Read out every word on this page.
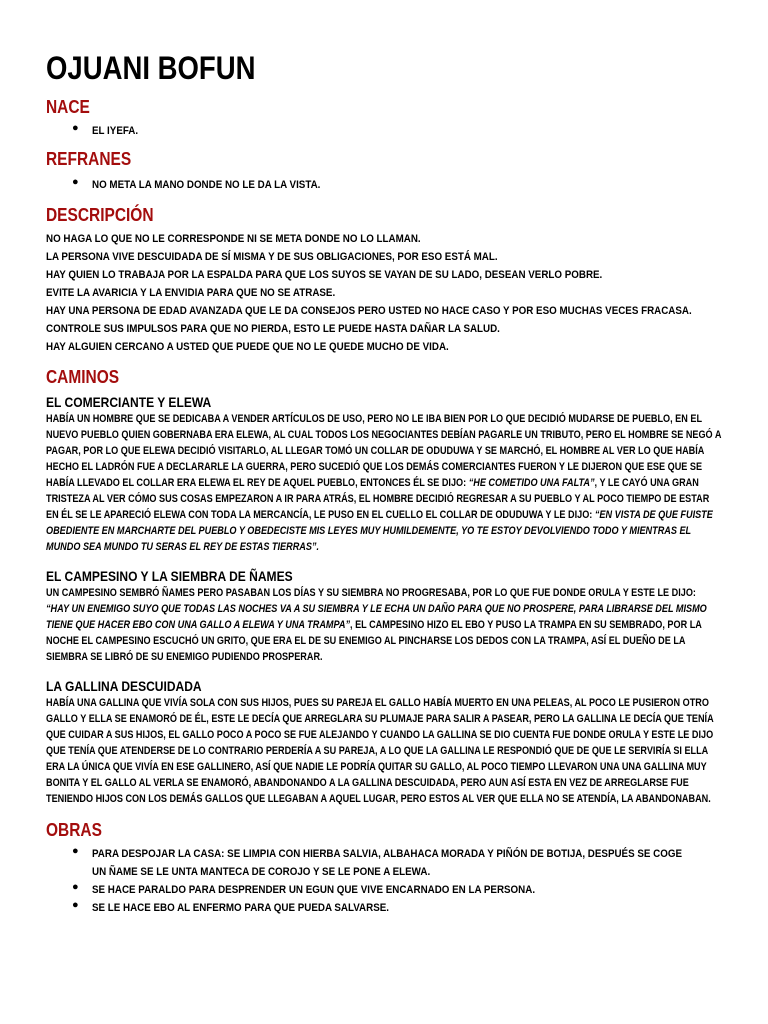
OJUANI BOFUN
NACE
● EL IYEFA.
REFRANES
● NO META LA MANO DONDE NO LE DA LA VISTA.
DESCRIPCIÓN
NO HAGA LO QUE NO LE CORRESPONDE NI SE META DONDE NO LO LLAMAN.
LA PERSONA VIVE DESCUIDADA DE SÍ MISMA Y DE SUS OBLIGACIONES, POR ESO ESTÁ MAL.
HAY QUIEN LO TRABAJA POR LA ESPALDA PARA QUE LOS SUYOS SE VAYAN DE SU LADO, DESEAN VERLO POBRE.
EVITE LA AVARICIA Y LA ENVIDIA PARA QUE NO SE ATRASE.
HAY UNA PERSONA DE EDAD AVANZADA QUE LE DA CONSEJOS PERO USTED NO HACE CASO Y POR ESO MUCHAS VECES FRACASA.
CONTROLE SUS IMPULSOS PARA QUE NO PIERDA, ESTO LE PUEDE HASTA DAÑAR LA SALUD.
HAY ALGUIEN CERCANO A USTED QUE PUEDE QUE NO LE QUEDE MUCHO DE VIDA.
CAMINOS
EL COMERCIANTE Y ELEWA
HABÍA UN HOMBRE QUE SE DEDICABA A VENDER ARTÍCULOS DE USO, PERO NO LE IBA BIEN POR LO QUE DECIDIÓ MUDARSE DE PUEBLO, EN EL
NUEVO PUEBLO QUIEN GOBERNABA ERA ELEWA, AL CUAL TODOS LOS NEGOCIANTES DEBÍAN PAGARLE UN TRIBUTO, PERO EL HOMBRE SE NEGÓ A
PAGAR, POR LO QUE ELEWA DECIDIÓ VISITARLO, AL LLEGAR TOMÓ UN COLLAR DE ODUDUWA Y SE MARCHÓ, EL HOMBRE AL VER LO QUE HABÍA
HECHO EL LADRÓN FUE A DECLARARLE LA GUERRA, PERO SUCEDIÓ QUE LOS DEMÁS COMERCIANTES FUERON Y LE DIJERON QUE ESE QUE SE
HABÍA LLEVADO EL COLLAR ERA ELEWA EL REY DE AQUEL PUEBLO, ENTONCES ÉL SE DIJO: “HE COMETIDO UNA FALTA”, Y LE CAYÓ UNA GRAN
TRISTEZA AL VER CÓMO SUS COSAS EMPEZARON A IR PARA ATRÁS, EL HOMBRE DECIDIÓ REGRESAR A SU PUEBLO Y AL POCO TIEMPO DE ESTAR
EN ÉL SE LE APARECIÓ ELEWA CON TODA LA MERCANCÍA, LE PUSO EN EL CUELLO EL COLLAR DE ODUDUWA Y LE DIJO: “EN VISTA DE QUE FUISTE
OBEDIENTE EN MARCHARTE DEL PUEBLO Y OBEDECISTE MIS LEYES MUY HUMILDEMENTE, YO TE ESTOY DEVOLVIENDO TODO Y MIENTRAS EL
MUNDO SEA MUNDO TU SERAS EL REY DE ESTAS TIERRAS”.
EL CAMPESINO Y LA SIEMBRA DE ÑAMES
UN CAMPESINO SEMBRÓ ÑAMES PERO PASABAN LOS DÍAS Y SU SIEMBRA NO PROGRESABA, POR LO QUE FUE DONDE ORULA Y ESTE LE DIJO:
“HAY UN ENEMIGO SUYO QUE TODAS LAS NOCHES VA A SU SIEMBRA Y LE ECHA UN DAÑO PARA QUE NO PROSPERE, PARA LIBRARSE DEL MISMO
TIENE QUE HACER EBO CON UNA GALLO A ELEWA Y UNA TRAMPA”, EL CAMPESINO HIZO EL EBO Y PUSO LA TRAMPA EN SU SEMBRADO, POR LA
NOCHE EL CAMPESINO ESCUCHÓ UN GRITO, QUE ERA EL DE SU ENEMIGO AL PINCHARSE LOS DEDOS CON LA TRAMPA, ASÍ EL DUEÑO DE LA
SIEMBRA SE LIBRÓ DE SU ENEMIGO PUDIENDO PROSPERAR.
LA GALLINA DESCUIDADA
HABÍA UNA GALLINA QUE VIVÍA SOLA CON SUS HIJOS, PUES SU PAREJA EL GALLO HABÍA MUERTO EN UNA PELEAS, AL POCO LE PUSIERON OTRO
GALLO Y ELLA SE ENAMORÓ DE ÉL, ESTE LE DECÍA QUE ARREGLARA SU PLUMAJE PARA SALIR A PASEAR, PERO LA GALLINA LE DECÍA QUE TENÍA
QUE CUIDAR A SUS HIJOS, EL GALLO POCO A POCO SE FUE ALEJANDO Y CUANDO LA GALLINA SE DIO CUENTA FUE DONDE ORULA Y ESTE LE DIJO
QUE TENÍA QUE ATENDERSE DE LO CONTRARIO PERDERÍA A SU PAREJA, A LO QUE LA GALLINA LE RESPONDIÓ QUE DE QUE LE SERVIRÍA SI ELLA
ERA LA ÚNICA QUE VIVÍA EN ESE GALLINERO, ASÍ QUE NADIE LE PODRÍA QUITAR SU GALLO, AL POCO TIEMPO LLEVARON UNA UNA GALLINA MUY
BONITA Y EL GALLO AL VERLA SE ENAMORÓ, ABANDONANDO A LA GALLINA DESCUIDADA, PERO AUN ASÍ ESTA EN VEZ DE ARREGLARSE FUE
TENIENDO HIJOS CON LOS DEMÁS GALLOS QUE LLEGABAN A AQUEL LUGAR, PERO ESTOS AL VER QUE ELLA NO SE ATENDÍA, LA ABANDONABAN.
OBRAS
● PARA DESPOJAR LA CASA: SE LIMPIA CON HIERBA SALVIA, ALBAHACA MORADA Y PIÑÓN DE BOTIJA, DESPUÉS SE COGE
UN ÑAME SE LE UNTA MANTECA DE COROJO Y SE LE PONE A ELEWA.
● SE HACE PARALDO PARA DESPRENDER UN EGUN QUE VIVE ENCARNADO EN LA PERSONA.
● SE LE HACE EBO AL ENFERMO PARA QUE PUEDA SALVARSE.
